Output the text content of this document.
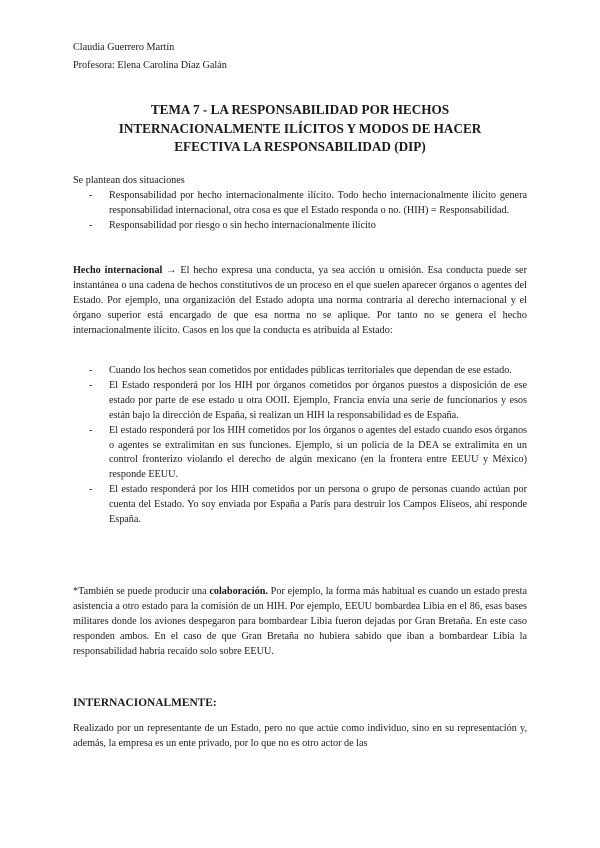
Claudia Guerrero Martín
Profesora: Elena Carolina Díaz Galán
TEMA 7 - LA RESPONSABILIDAD POR HECHOS
INTERNACIONALMENTE ILÍCITOS Y MODOS DE HACER
EFECTIVA LA RESPONSABILIDAD (DIP)

Se plantean dos situaciones

- Responsabilidad por hecho internacionalmente ilícito. Todo hecho internacionalmente ilícito genera responsabilidad internacional, otra cosa es que el Estado responda o no. (HIH) = Responsabilidad.
- Responsabilidad por riesgo o sin hecho internacionalmente ilícito

Hecho internacional → El hecho expresa una conducta, ya sea acción u omisión. Esa conducta puede ser instantánea o una cadena de hechos constitutivos de un proceso en el que suelen aparecer órganos o agentes del Estado. Por ejemplo, una organización del Estado adopta una norma contraria al derecho internacional y el órgano superior está encargado de que esa norma no se aplique. Por tanto no se genera el hecho internacionalmente ilícito. Casos en los que la conducta es atribuida al Estado:

- Cuando los hechos sean cometidos por entidades públicas territoriales que dependan de ese estado.
- El Estado responderá por los HIH por órganos cometidos por órganos puestos a disposición de ese estado por parte de ese estado u otra OOII. Ejemplo, Francia envía una serie de funcionarios y esos están bajo la dirección de España, si realizan un HIH la responsabilidad es de España.
- El estado responderá por los HIH cometidos por los órganos o agentes del estado cuando esos órganos o agentes se extralimitan en sus funciones. Ejemplo, si un policía de la DEA se extralimita en un control fronterizo violando el derecho de algún mexicano (en la frontera entre EEUU y México) responde EEUU.
- El estado responderá por los HIH cometidos por un persona o grupo de personas cuando actúan por cuenta del Estado. Yo soy enviada por España a París para destruir los Campos Elíseos, ahí responde España.

*También se puede producir una colaboración. Por ejemplo, la forma más habitual es cuando un estado presta asistencia a otro estado para la comisión de un HIH. Por ejemplo, EEUU bombardea Libia en el 86, esas bases militares donde los aviones despegaron para bombardear Libia fueron dejadas por Gran Bretaña. En este caso responden ambos. En el caso de que Gran Bretaña no hubiera sabido que iban a bombardear Libia la responsabilidad habría recaído solo sobre EEUU.

INTERNACIONALMENTE:

Realizado por un representante de un Estado, pero no que actúe como individuo, sino en su representación y, además, la empresa es un ente privado, por lo que no es otro actor de las
